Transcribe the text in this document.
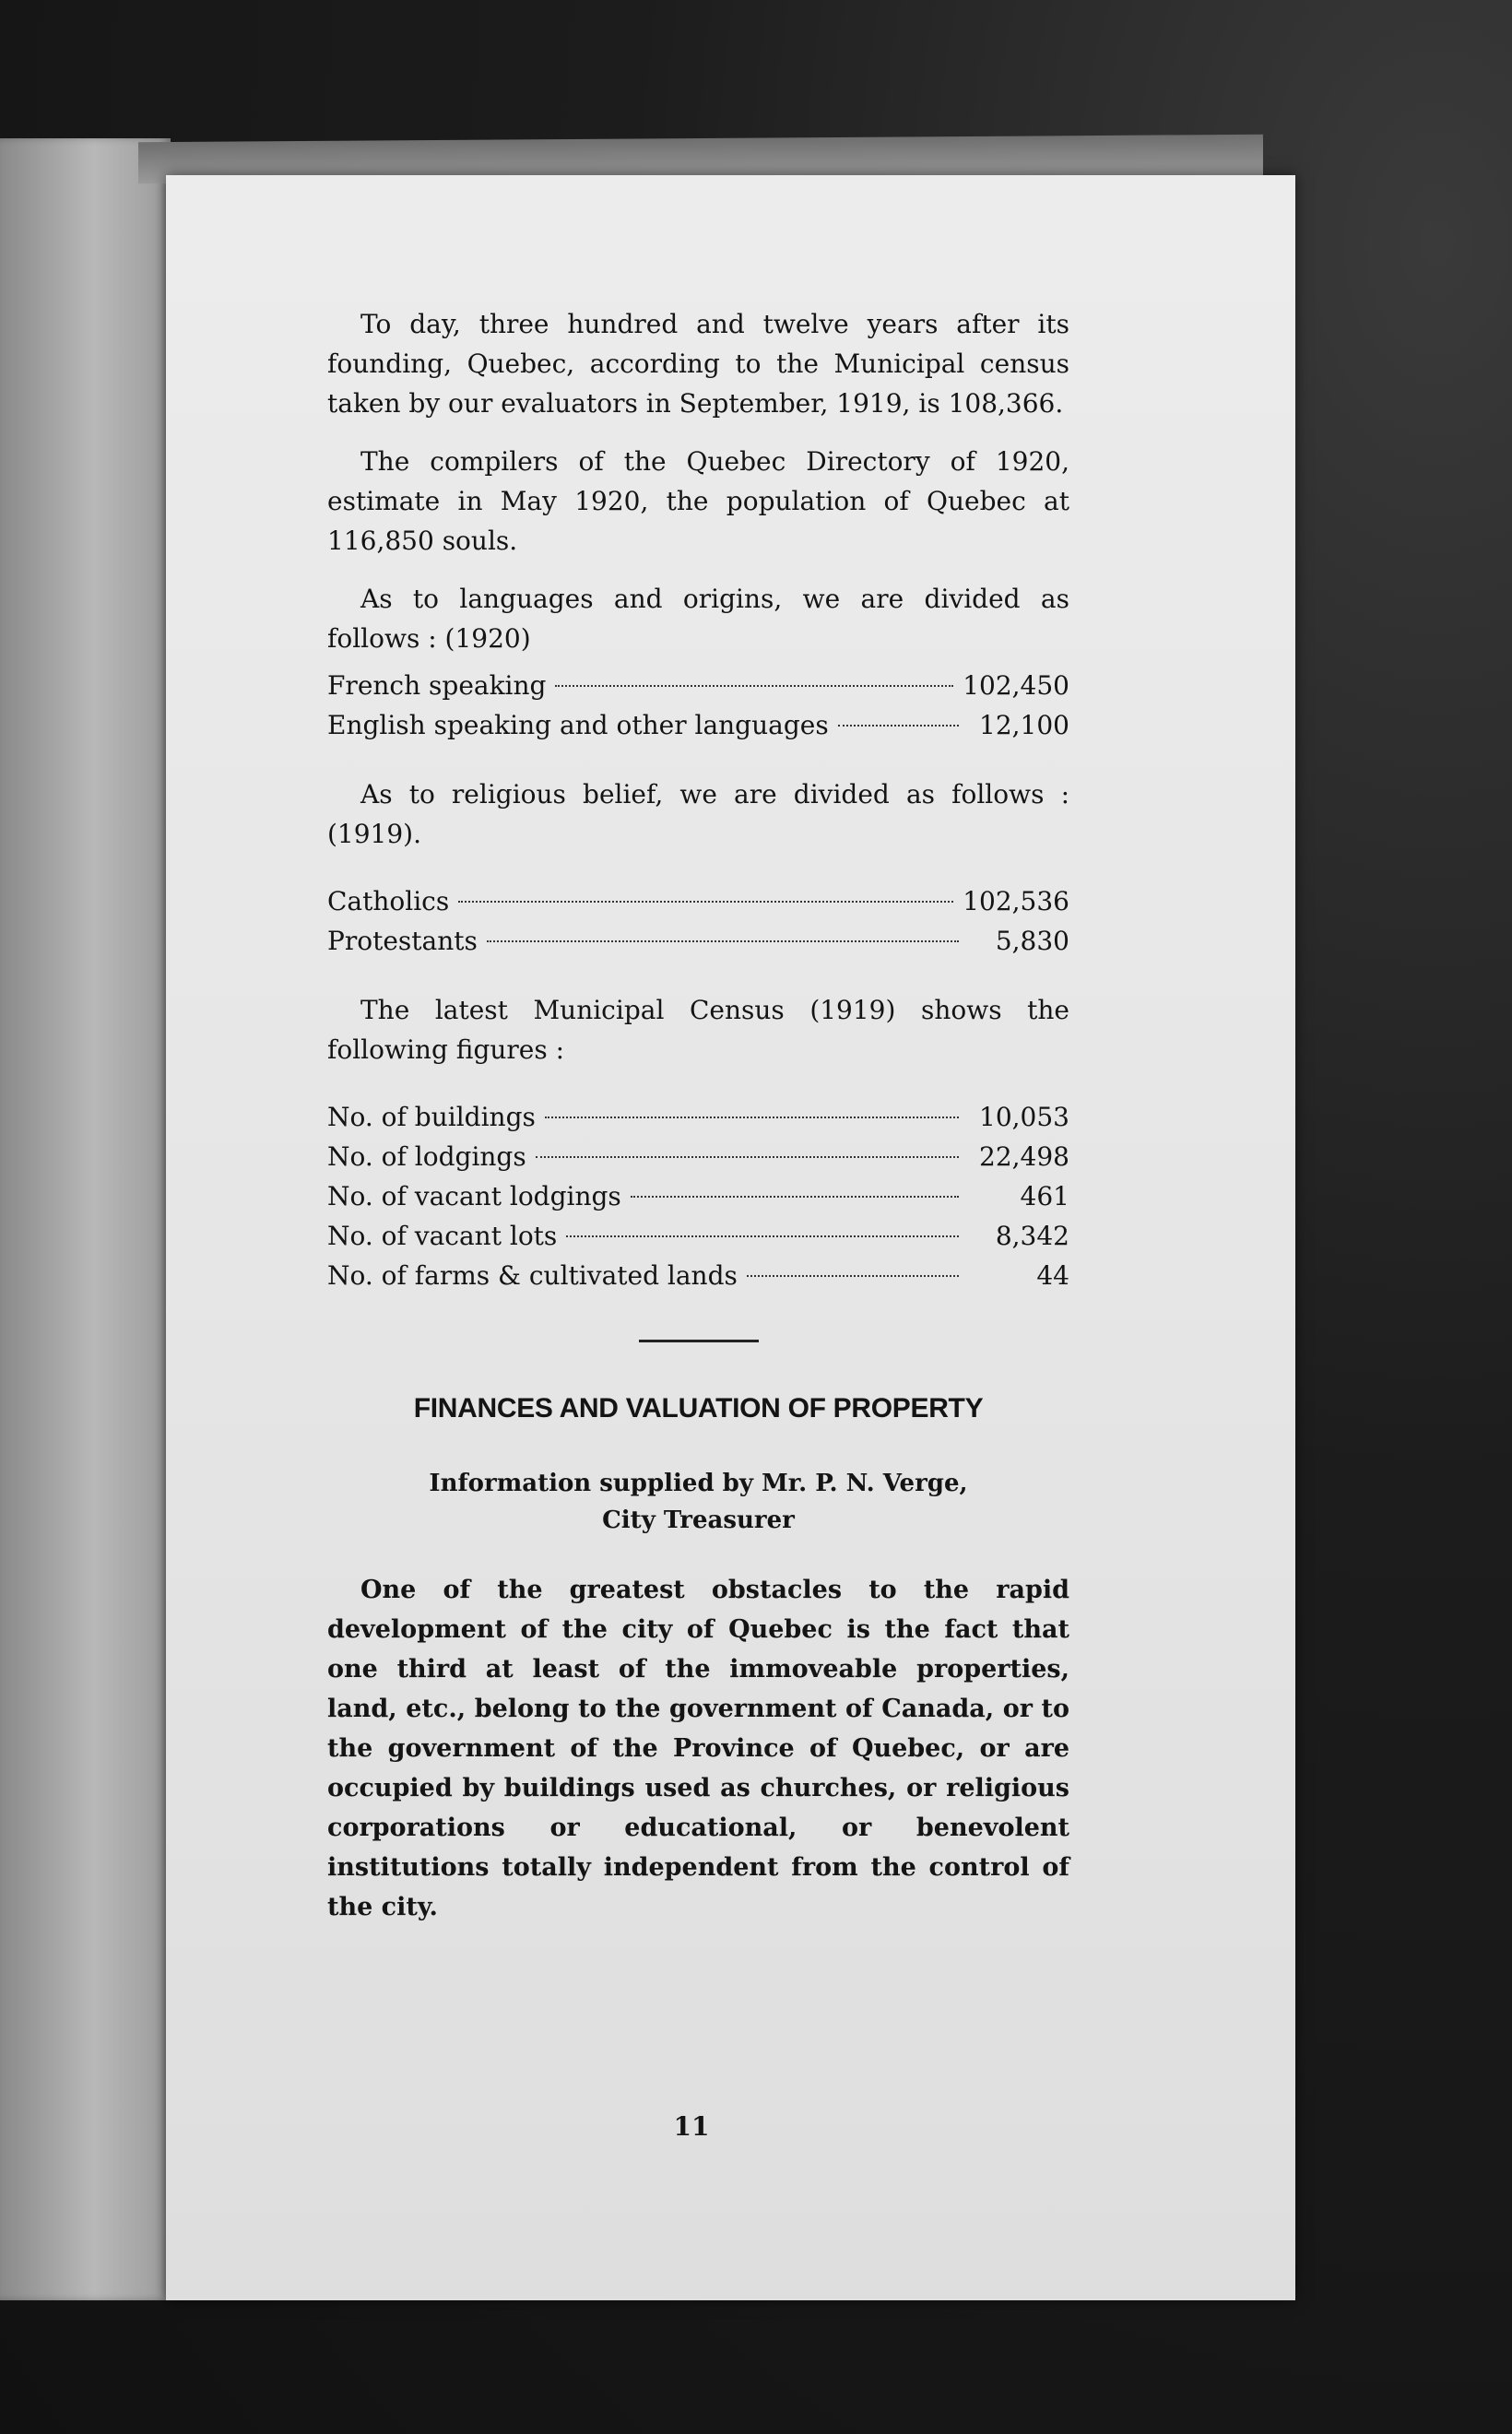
To day, three hundred and twelve years after its founding, Quebec, according to the Municipal census taken by our evaluators in September, 1919, is 108,366.

The compilers of the Quebec Directory of 1920, estimate in May 1920, the population of Quebec at 116,850 souls.

As to languages and origins, we are divided as follows : (1920)

French speaking	102,450
English speaking and other languages	12,100

As to religious belief, we are divided as follows : (1919).

Catholics	102,536
Protestants	5,830

The latest Municipal Census (1919) shows the following figures :

No. of buildings	10,053
No. of lodgings	22,498
No. of vacant lodgings	461
No. of vacant lots	8,342
No. of farms & cultivated lands	44
FINANCES AND VALUATION OF PROPERTY
Information supplied by Mr. P. N. Verge,
City Treasurer

One of the greatest obstacles to the rapid development of the city of Quebec is the fact that one third at least of the immoveable properties, land, etc., belong to the government of Canada, or to the government of the Province of Quebec, or are occupied by buildings used as churches, or religious corporations or educational, or benevolent institutions totally independent from the control of the city.

11
